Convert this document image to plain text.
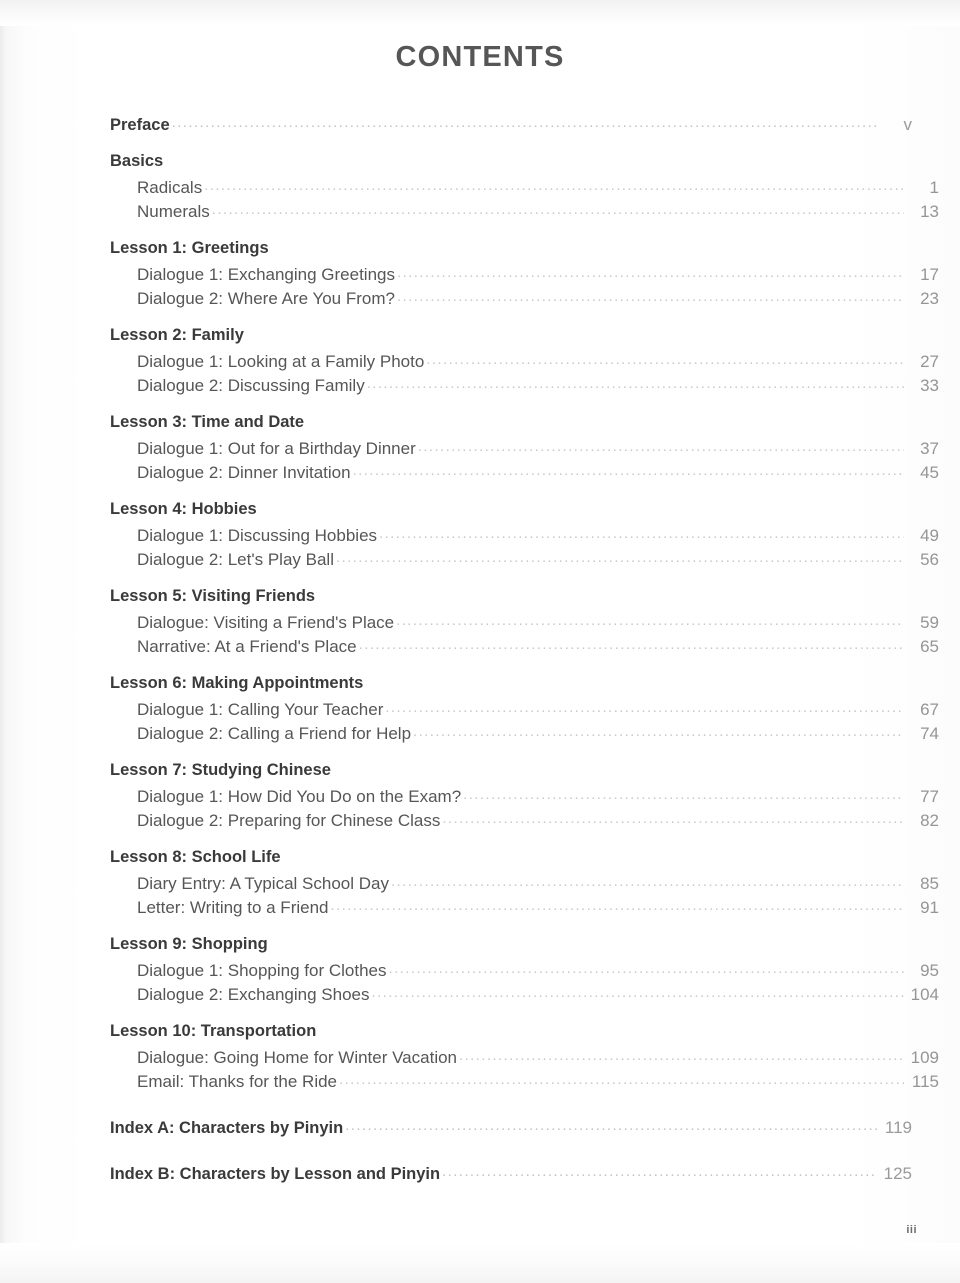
CONTENTS
Preface .....	v
Basics
Radicals .....	1
Numerals .....	13
Lesson 1: Greetings
Dialogue 1: Exchanging Greetings .....	17
Dialogue 2: Where Are You From? .....	23
Lesson 2: Family
Dialogue 1: Looking at a Family Photo .....	27
Dialogue 2: Discussing Family .....	33
Lesson 3: Time and Date
Dialogue 1: Out for a Birthday Dinner .....	37
Dialogue 2: Dinner Invitation .....	45
Lesson 4: Hobbies
Dialogue 1: Discussing Hobbies .....	49
Dialogue 2: Let's Play Ball .....	56
Lesson 5: Visiting Friends
Dialogue: Visiting a Friend's Place .....	59
Narrative: At a Friend's Place .....	65
Lesson 6: Making Appointments
Dialogue 1: Calling Your Teacher .....	67
Dialogue 2: Calling a Friend for Help .....	74
Lesson 7: Studying Chinese
Dialogue 1: How Did You Do on the Exam? .....	77
Dialogue 2: Preparing for Chinese Class .....	82
Lesson 8: School Life
Diary Entry: A Typical School Day .....	85
Letter: Writing to a Friend .....	91
Lesson 9: Shopping
Dialogue 1: Shopping for Clothes .....	95
Dialogue 2: Exchanging Shoes .....	104
Lesson 10: Transportation
Dialogue: Going Home for Winter Vacation .....	109
Email: Thanks for the Ride .....	115
Index A: Characters by Pinyin .....	119
Index B: Characters by Lesson and Pinyin .....	125
iii
